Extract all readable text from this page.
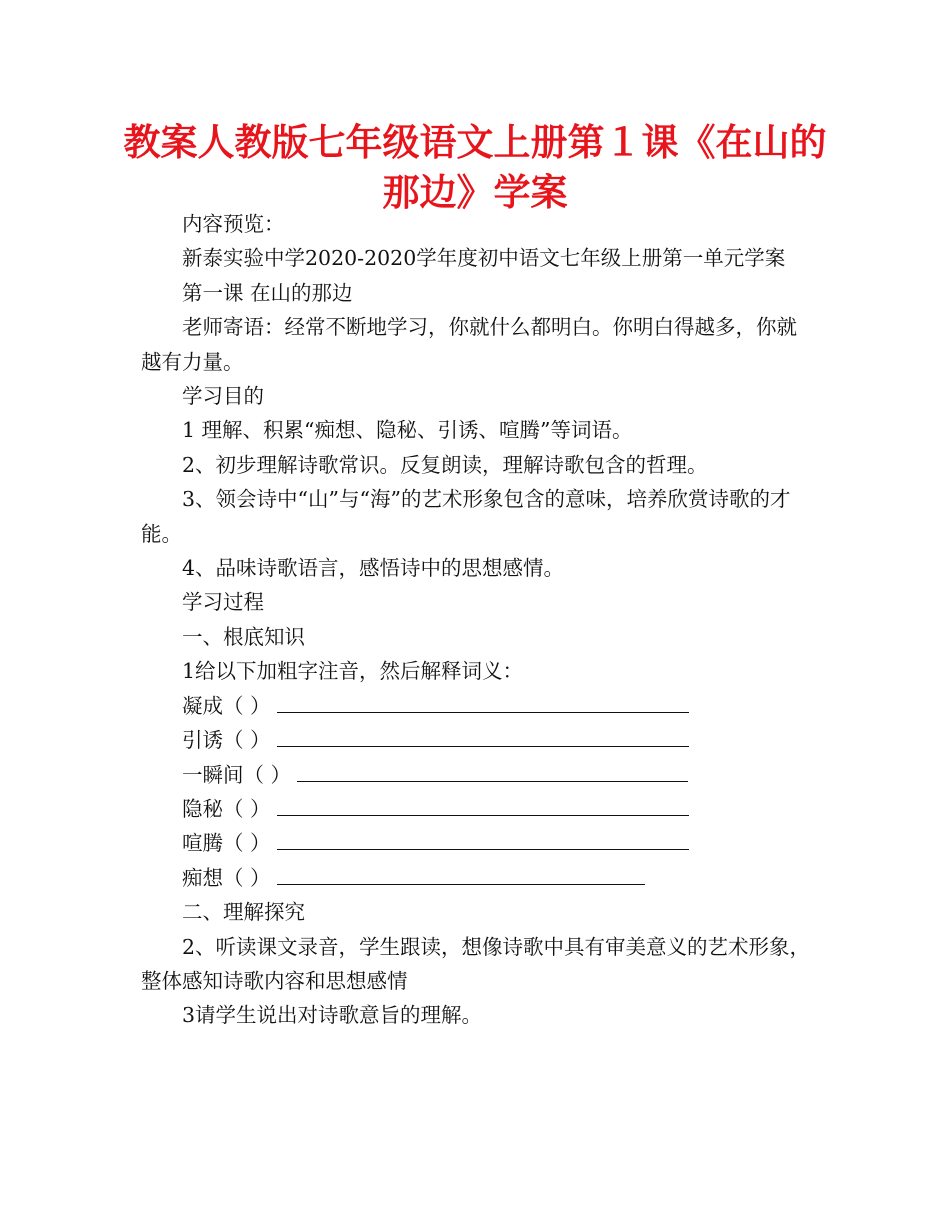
教案人教版七年级语文上册第１课《在山的那边》学案

内容预览：

新泰实验中学2020-2020学年度初中语文七年级上册第一单元学案

第一课 在山的那边

老师寄语：经常不断地学习，你就什么都明白。你明白得越多，你就越有力量。

学习目的

1 理解、积累“痴想、隐秘、引诱、喧腾”等词语。

2、初步理解诗歌常识。反复朗读，理解诗歌包含的哲理。

3、领会诗中“山”与“海”的艺术形象包含的意味，培养欣赏诗歌的才能。

4、品味诗歌语言，感悟诗中的思想感情。

学习过程

一、根底知识

1给以下加粗字注音，然后解释词义：

凝成（ ）

引诱（ ）

一瞬间（ ）

隐秘（ ）

喧腾（ ）

痴想（ ）

二、理解探究

2、听读课文录音，学生跟读，想像诗歌中具有审美意义的艺术形象，整体感知诗歌内容和思想感情

3请学生说出对诗歌意旨的理解。
